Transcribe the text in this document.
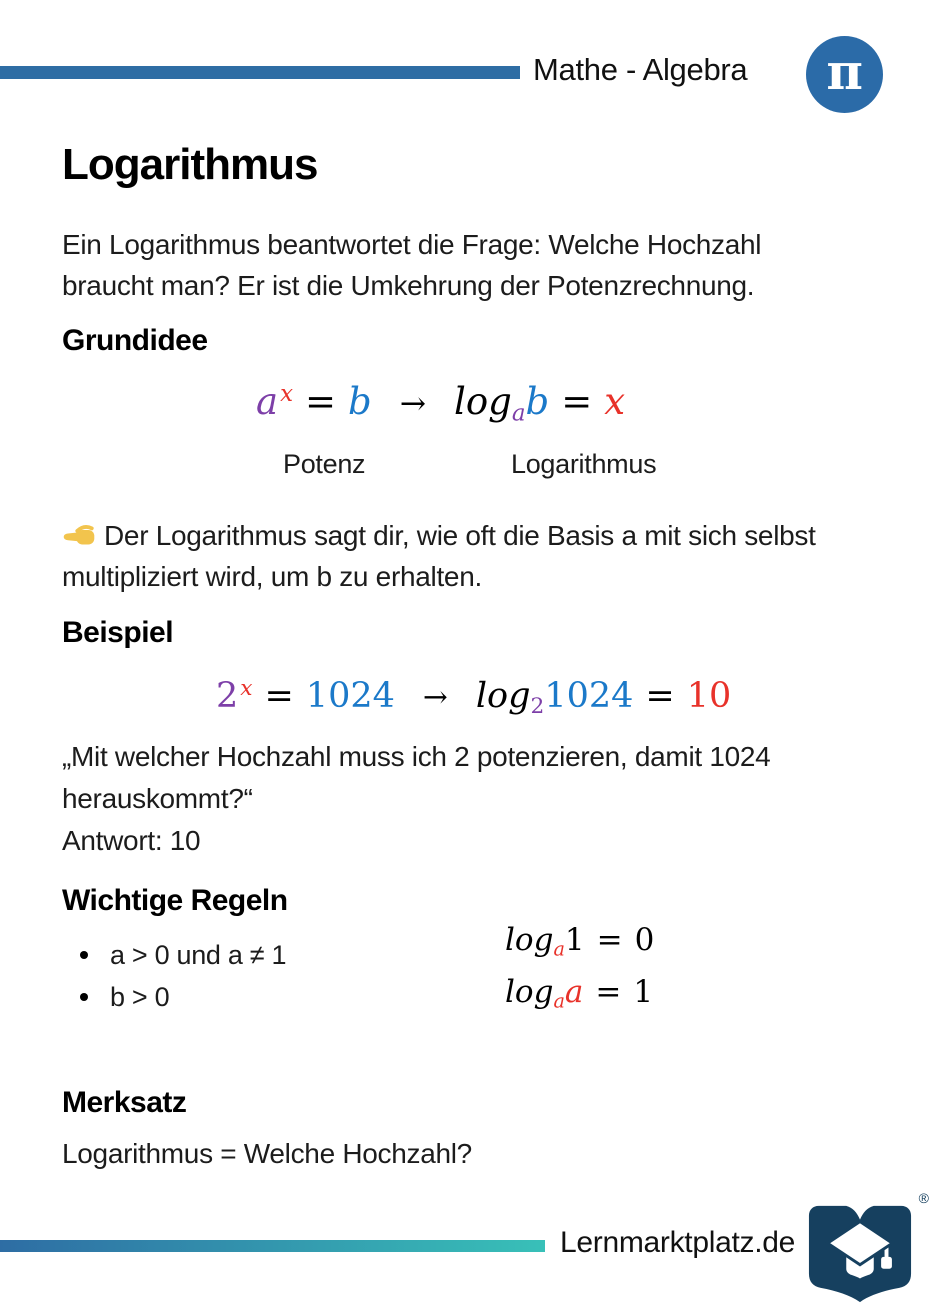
Mathe - Algebra π
Logarithmus
Ein Logarithmus beantwortet die Frage: Welche Hochzahl
braucht man? Er ist die Umkehrung der Potenzrechnung.
Grundidee
$a^x = b \to \log_ab = x$
Potenz	Logarithmus
Der Logarithmus sagt dir, wie oft die Basis a mit sich selbst
multipliziert wird, um b zu erhalten.
Beispiel
$2^x = 1024 \to \log_21024 = 10$
„Mit welcher Hochzahl muss ich 2 potenzieren, damit 1024
herauskommt?“
Antwort: 10
Wichtige Regeln
a > 0 und a ≠ 1
b > 0
$\log_a1 = 0$
$\log_aa = 1$
Merksatz
Logarithmus = Welche Hochzahl?
Lernmarktplatz.de
®
